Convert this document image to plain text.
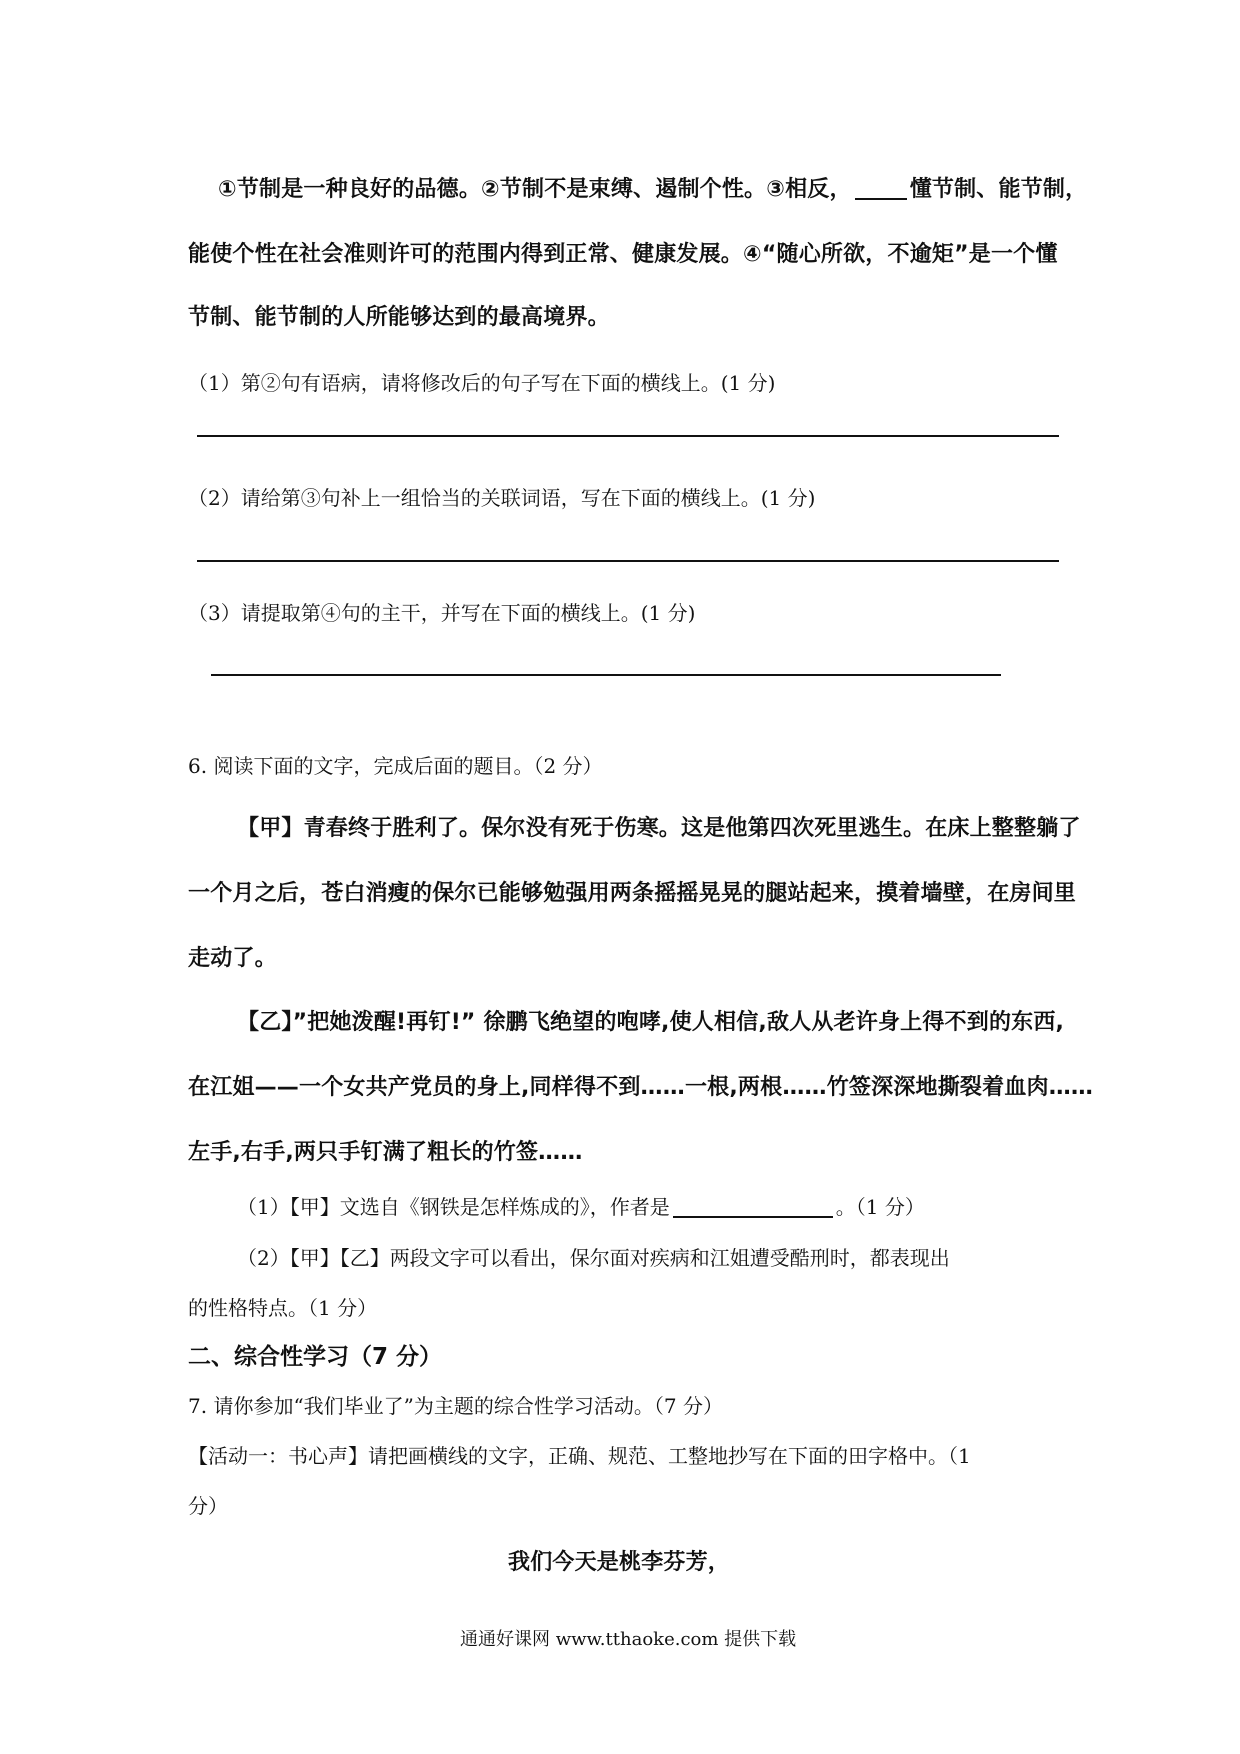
①节制是一种良好的品德。②节制不是束缚、遏制个性。③相反，	懂节制、能节制，
能使个性在社会准则许可的范围内得到正常、健康发展。④“随心所欲，不逾矩”是一个懂
节制、能节制的人所能够达到的最高境界。
（1）第②句有语病，请将修改后的句子写在下面的横线上。(1 分)
（2）请给第③句补上一组恰当的关联词语，写在下面的横线上。(1 分)
（3）请提取第④句的主干，并写在下面的横线上。(1 分)
6. 阅读下面的文字，完成后面的题目。（2 分）
【甲】青春终于胜利了。保尔没有死于伤寒。这是他第四次死里逃生。在床上整整躺了
一个月之后，苍白消瘦的保尔已能够勉强用两条摇摇晃晃的腿站起来，摸着墙壁，在房间里
走动了。
【乙】”把她泼醒!再钉!” 徐鹏飞绝望的咆哮,使人相信,敌人从老许身上得不到的东西,
在江姐——一个女共产党员的身上,同样得不到……一根,两根……竹签深深地撕裂着血肉……
左手,右手,两只手钉满了粗长的竹签……
（1）【甲】文选自《钢铁是怎样炼成的》，作者是	。（1 分）
（2）【甲】【乙】两段文字可以看出，保尔面对疾病和江姐遭受酷刑时，都表现出
的性格特点。（1 分）
二、综合性学习（7 分）
7. 请你参加“我们毕业了”为主题的综合性学习活动。（7 分）
【活动一：书心声】请把画横线的文字，正确、规范、工整地抄写在下面的田字格中。（1
分）
我们今天是桃李芬芳，
通通好课网 www.tthaoke.com 提供下载
